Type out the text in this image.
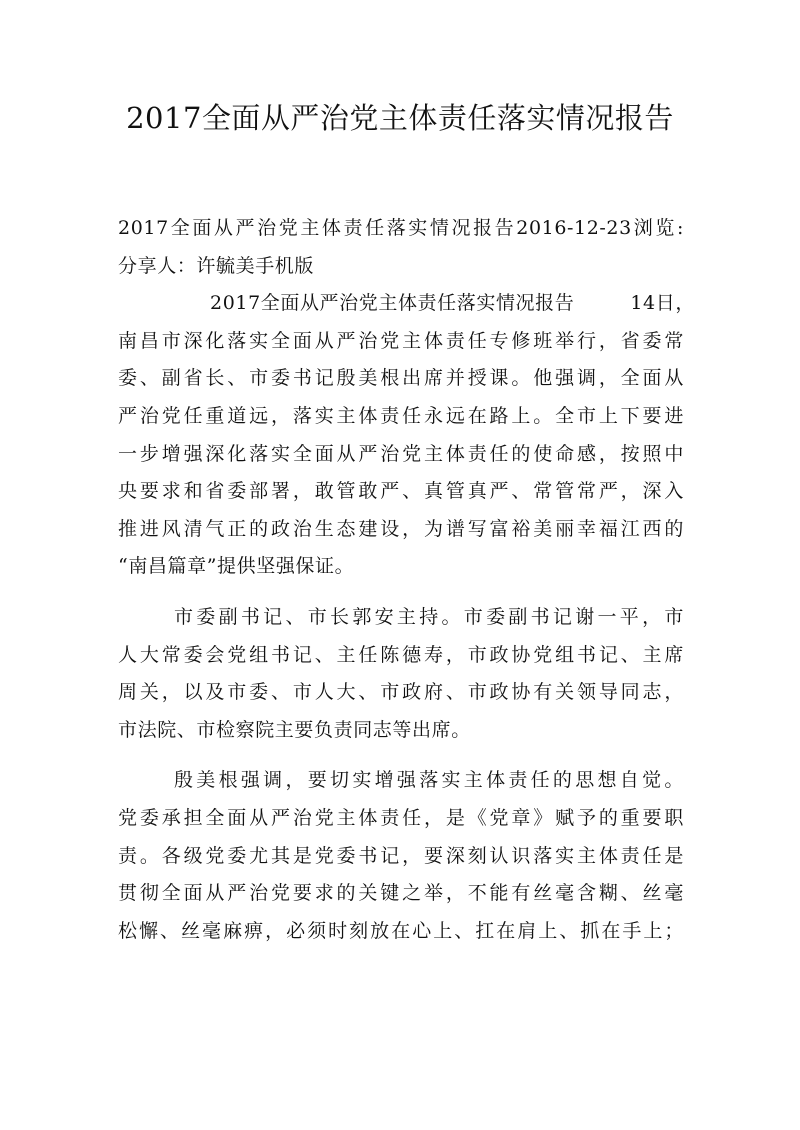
2017全面从严治党主体责任落实情况报告
2017全面从严治党主体责任落实情况报告2016-12-23浏览:
分享人：许毓美手机版
2017全面从严治党主体责任落实情况报告	14日，
南昌市深化落实全面从严治党主体责任专修班举行，省委常
委、副省长、市委书记殷美根出席并授课。他强调，全面从
严治党任重道远，落实主体责任永远在路上。全市上下要进
一步增强深化落实全面从严治党主体责任的使命感，按照中
央要求和省委部署，敢管敢严、真管真严、常管常严，深入
推进风清气正的政治生态建设，为谱写富裕美丽幸福江西的
“南昌篇章”提供坚强保证。
市委副书记、市长郭安主持。市委副书记谢一平，市
人大常委会党组书记、主任陈德寿，市政协党组书记、主席
周关，以及市委、市人大、市政府、市政协有关领导同志，
市法院、市检察院主要负责同志等出席。
殷美根强调，要切实增强落实主体责任的思想自觉。
党委承担全面从严治党主体责任，是《党章》赋予的重要职
责。各级党委尤其是党委书记，要深刻认识落实主体责任是
贯彻全面从严治党要求的关键之举，不能有丝毫含糊、丝毫
松懈、丝毫麻痹，必须时刻放在心上、扛在肩上、抓在手上；
